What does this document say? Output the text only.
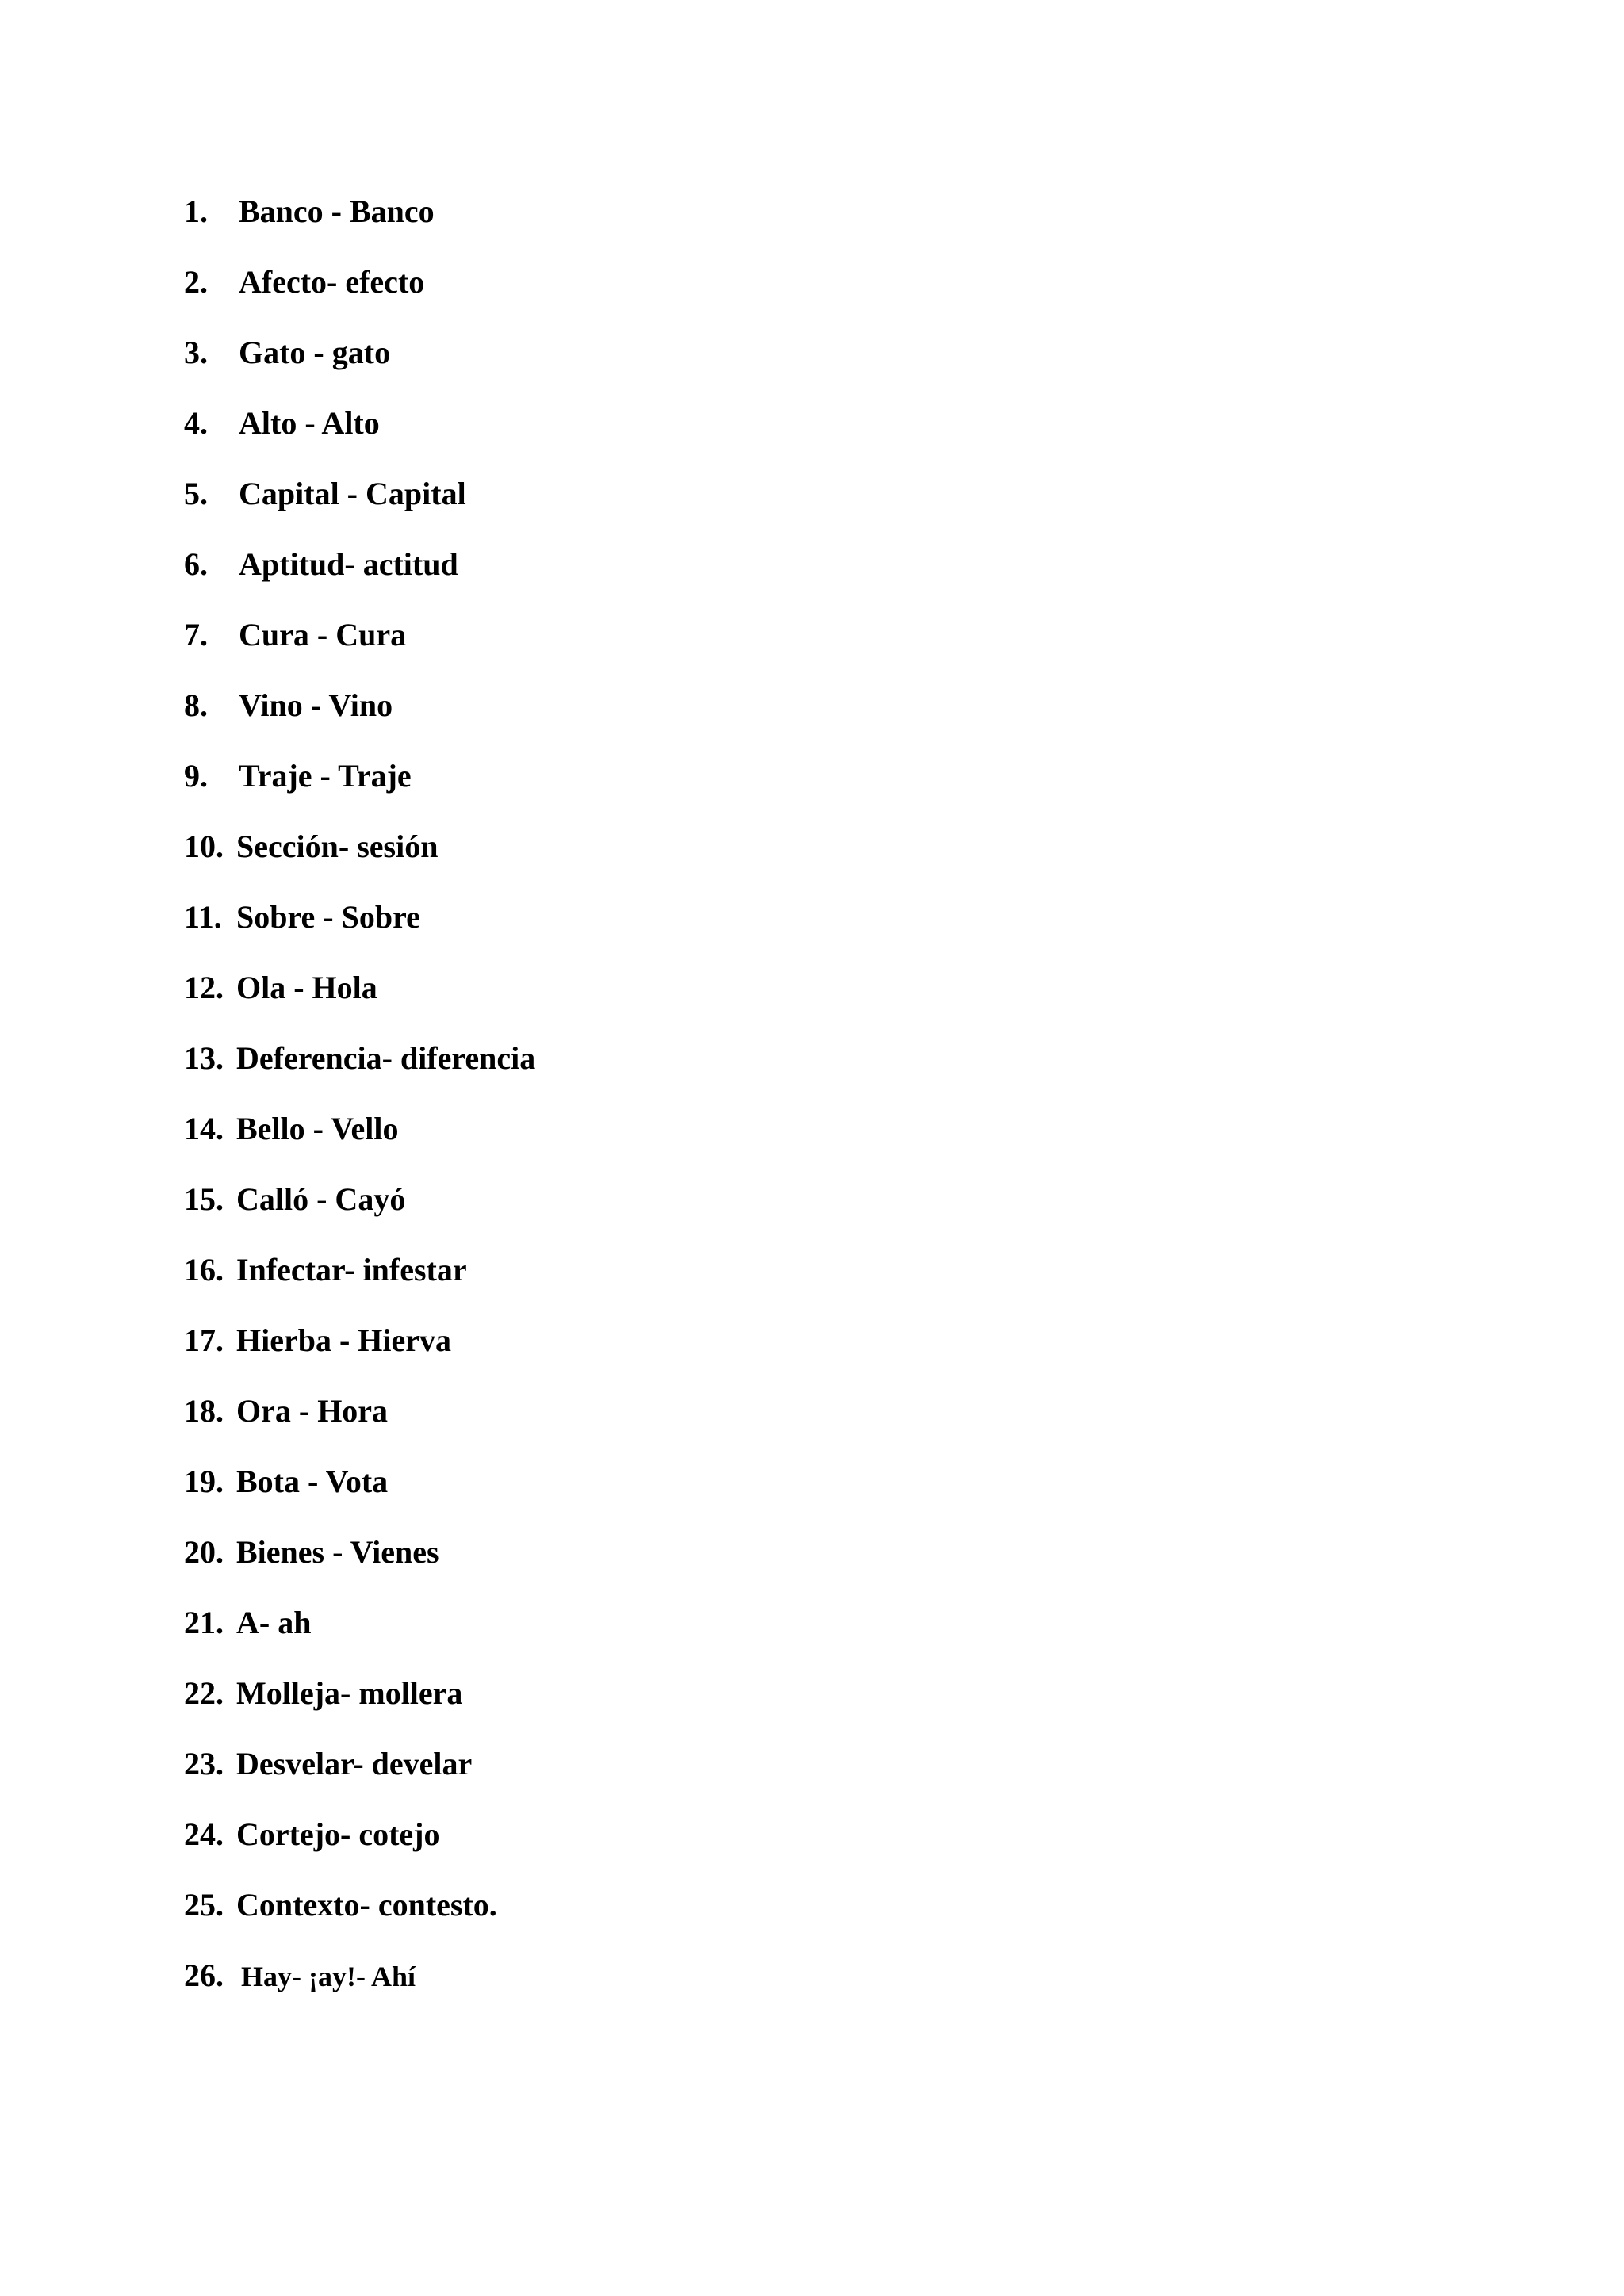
1. Banco - Banco
2. Afecto- efecto
3. Gato - gato
4. Alto - Alto
5. Capital - Capital
6. Aptitud- actitud
7. Cura - Cura
8. Vino - Vino
9. Traje - Traje
10. Sección- sesión
11. Sobre - Sobre
12. Ola - Hola
13. Deferencia- diferencia
14. Bello - Vello
15. Calló - Cayó
16. Infectar- infestar
17. Hierba - Hierva
18. Ora - Hora
19. Bota - Vota
20. Bienes - Vienes
21. A- ah
22. Molleja- mollera
23. Desvelar- develar
24. Cortejo- cotejo
25. Contexto- contesto.
26. Hay- ¡ay!- Ahí
